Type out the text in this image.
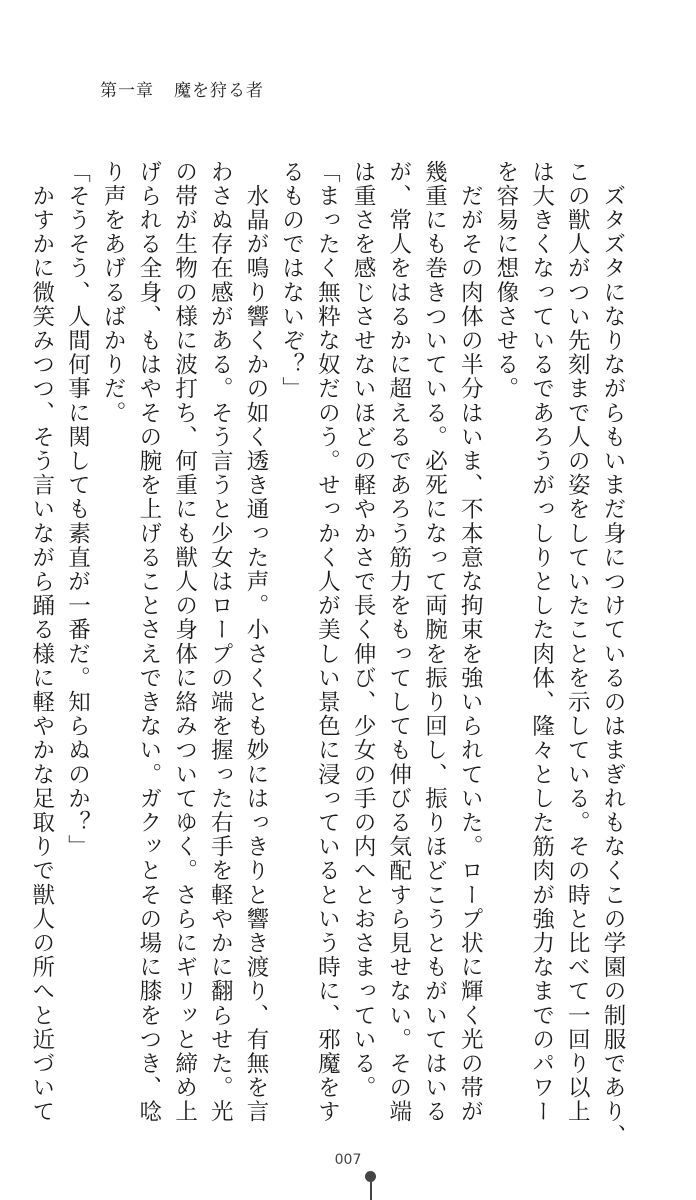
第一章 魔を狩る者
　ズタズタになりながらもいまだ身につけているのはまぎれもなくこの学園の制服であり、
この獣人がつい先刻まで人の姿をしていたことを示している。その時と比べて一回り以上
は大きくなっているであろうがっしりとした肉体、隆々とした筋肉が強力なまでのパワー
を容易に想像させる。
　だがその肉体の半分はいま、不本意な拘束を強いられていた。ロープ状に輝く光の帯が
幾重にも巻きついている。必死になって両腕を振り回し、振りほどこうともがいてはいる
が、常人をはるかに超えるであろう筋力をもってしても伸びる気配すら見せない。その端
は重さを感じさせないほどの軽やかさで長く伸び、少女の手の内へとおさまっている。
「まったく無粋な奴だのう。せっかく人が美しい景色に浸っているという時に、邪魔をす
るものではないぞ？」
　水晶が鳴り響くかの如く透き通った声。小さくとも妙にはっきりと響き渡り、有無を言
わさぬ存在感がある。そう言うと少女はロープの端を握った右手を軽やかに翻らせた。光
の帯が生物の様に波打ち、何重にも獣人の身体に絡みついてゆく。さらにギリッと締め上
げられる全身、もはやその腕を上げることさえできない。ガクッとその場に膝をつき、唸
り声をあげるばかりだ。
「そうそう、人間何事に関しても素直が一番だ。知らぬのか？」
　かすかに微笑みつつ、そう言いながら踊る様に軽やかな足取りで獣人の所へと近づいて
007
